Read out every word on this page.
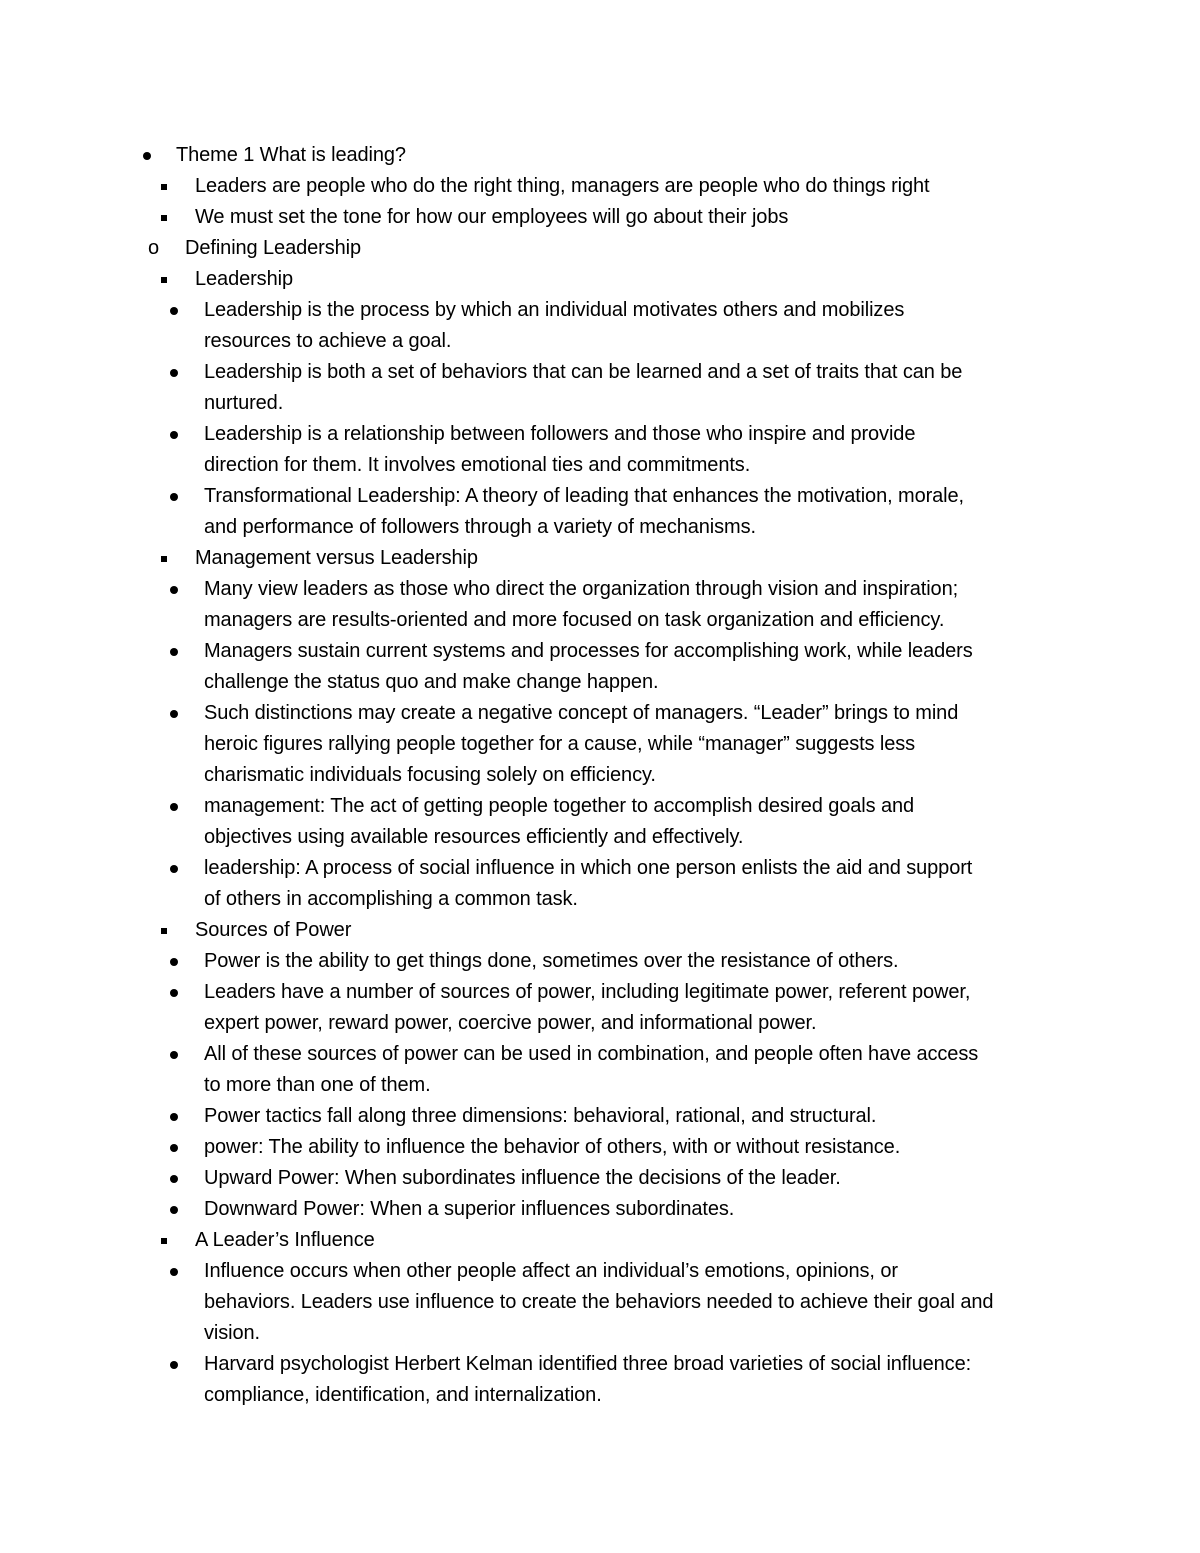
Theme 1 What is leading?
Leaders are people who do the right thing, managers are people who do things right
We must set the tone for how our employees will go about their jobs
o Defining Leadership
Leadership
Leadership is the process by which an individual motivates others and mobilizes
resources to achieve a goal.
Leadership is both a set of behaviors that can be learned and a set of traits that can be
nurtured.
Leadership is a relationship between followers and those who inspire and provide
direction for them. It involves emotional ties and commitments.
Transformational Leadership: A theory of leading that enhances the motivation, morale,
and performance of followers through a variety of mechanisms.
Management versus Leadership
Many view leaders as those who direct the organization through vision and inspiration;
managers are results-oriented and more focused on task organization and efficiency.
Managers sustain current systems and processes for accomplishing work, while leaders
challenge the status quo and make change happen.
Such distinctions may create a negative concept of managers. “Leader” brings to mind
heroic figures rallying people together for a cause, while “manager” suggests less
charismatic individuals focusing solely on efficiency.
management: The act of getting people together to accomplish desired goals and
objectives using available resources efficiently and effectively.
leadership: A process of social influence in which one person enlists the aid and support
of others in accomplishing a common task.
Sources of Power
Power is the ability to get things done, sometimes over the resistance of others.
Leaders have a number of sources of power, including legitimate power, referent power,
expert power, reward power, coercive power, and informational power.
All of these sources of power can be used in combination, and people often have access
to more than one of them.
Power tactics fall along three dimensions: behavioral, rational, and structural.
power: The ability to influence the behavior of others, with or without resistance.
Upward Power: When subordinates influence the decisions of the leader.
Downward Power: When a superior influences subordinates.
A Leader’s Influence
Influence occurs when other people affect an individual’s emotions, opinions, or
behaviors. Leaders use influence to create the behaviors needed to achieve their goal and
vision.
Harvard psychologist Herbert Kelman identified three broad varieties of social influence:
compliance, identification, and internalization.
